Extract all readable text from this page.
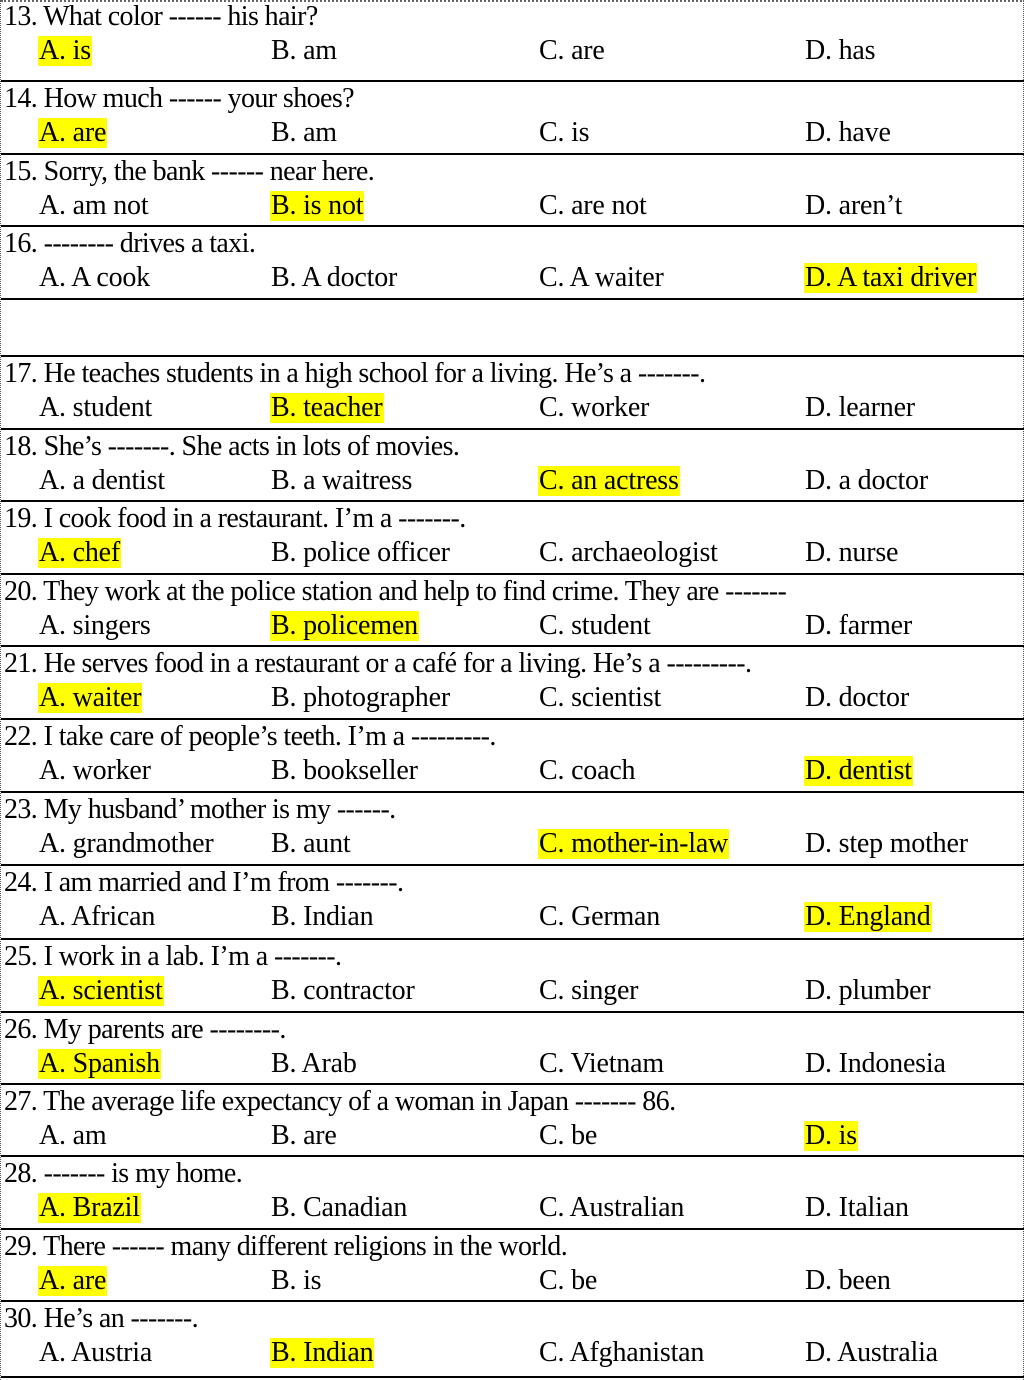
13. What color ------ his hair?
A. is	B. am	C. are	D. has
14. How much ------ your shoes?
A. are	B. am	C. is	D. have
15. Sorry, the bank ------ near here.
A. am not	B. is not	C. are not	D. aren’t
16. -------- drives a taxi.
A. A cook	B. A doctor	C. A waiter	D. A taxi driver
17. He teaches students in a high school for a living. He’s a -------.
A. student	B. teacher	C. worker	D. learner
18. She’s -------. She acts in lots of movies.
A. a dentist	B. a waitress	C. an actress	D. a doctor
19. I cook food in a restaurant. I’m a -------.
A. chef	B. police officer	C. archaeologist	D. nurse
20. They work at the police station and help to find crime. They are -------
A. singers	B. policemen	C. student	D. farmer
21. He serves food in a restaurant or a café for a living. He’s a ---------.
A. waiter	B. photographer	C. scientist	D. doctor
22. I take care of people’s teeth. I’m a ---------.
A. worker	B. bookseller	C. coach	D. dentist
23. My husband’ mother is my ------.
A. grandmother B. aunt	C. mother-in-law	D. step mother
24. I am married and I’m from -------.
A. African	B. Indian	C. German	D. England
25. I work in a lab. I’m a -------.
A. scientist	B. contractor	C. singer	D. plumber
26. My parents are --------.
A. Spanish	B. Arab	C. Vietnam	D. Indonesia
27. The average life expectancy of a woman in Japan ------- 86.
A. am	B. are	C. be	D. is
28. ------- is my home.
A. Brazil	B. Canadian	C. Australian	D. Italian
29. There ------ many different religions in the world.
A. are	B. is	C. be	D. been
30. He’s an -------.
A. Austria	B. Indian	C. Afghanistan	D. Australia
